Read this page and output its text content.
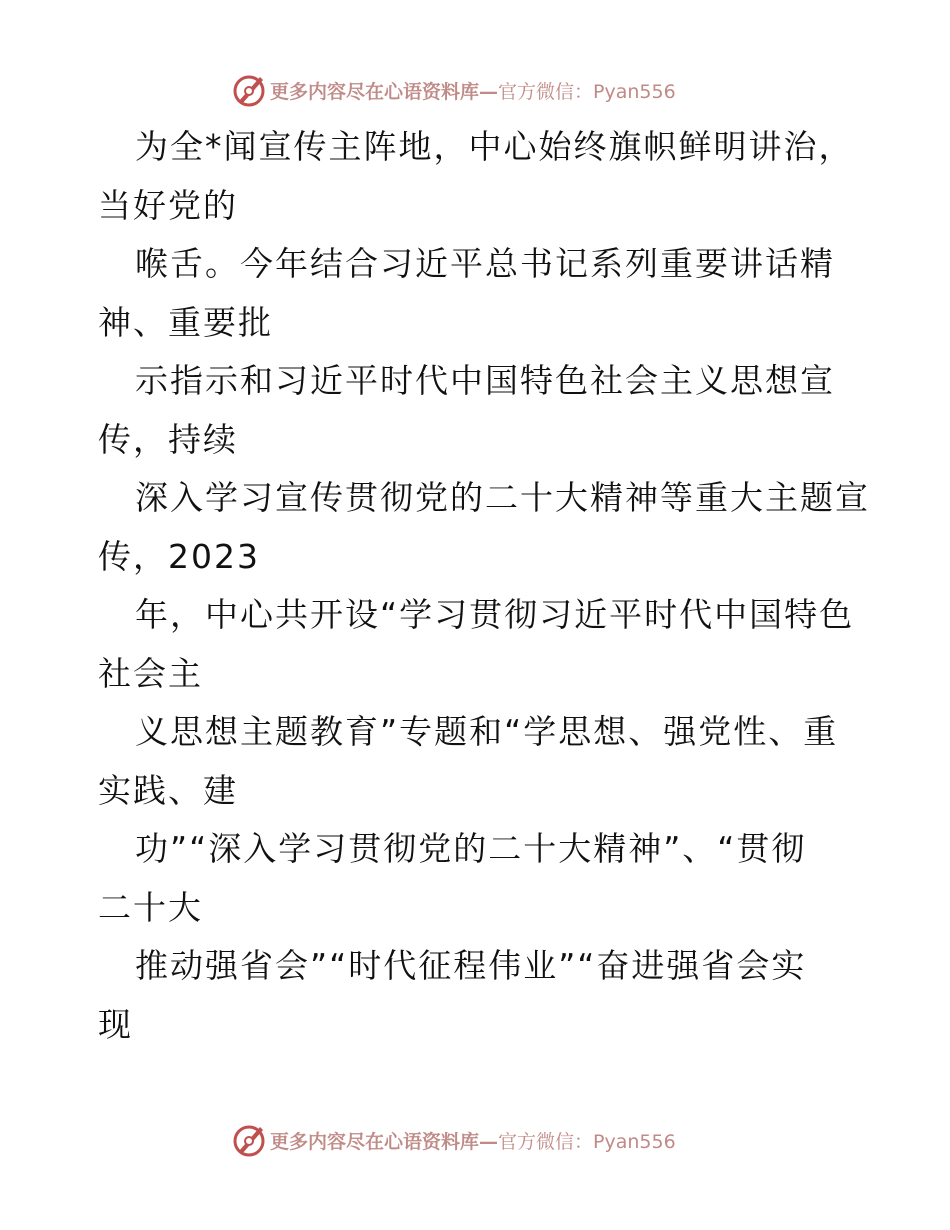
更多内容尽在心语资料库— 官方微信：Pyan556
为全*闻宣传主阵地，中心始终旗帜鲜明讲治，
当好党的
喉舌。今年结合习近平总书记系列重要讲话精
神、重要批
示指示和习近平时代中国特色社会主义思想宣
传，持续
深入学习宣传贯彻党的二十大精神等重大主题宣
传，2023
年，中心共开设“学习贯彻习近平时代中国特色
社会主
义思想主题教育”专题和“学思想、强党性、重
实践、建
功”“深入学习贯彻党的二十大精神”、“贯彻
二十大
推动强省会”“时代征程伟业”“奋进强省会实
现
更多内容尽在心语资料库— 官方微信：Pyan556
